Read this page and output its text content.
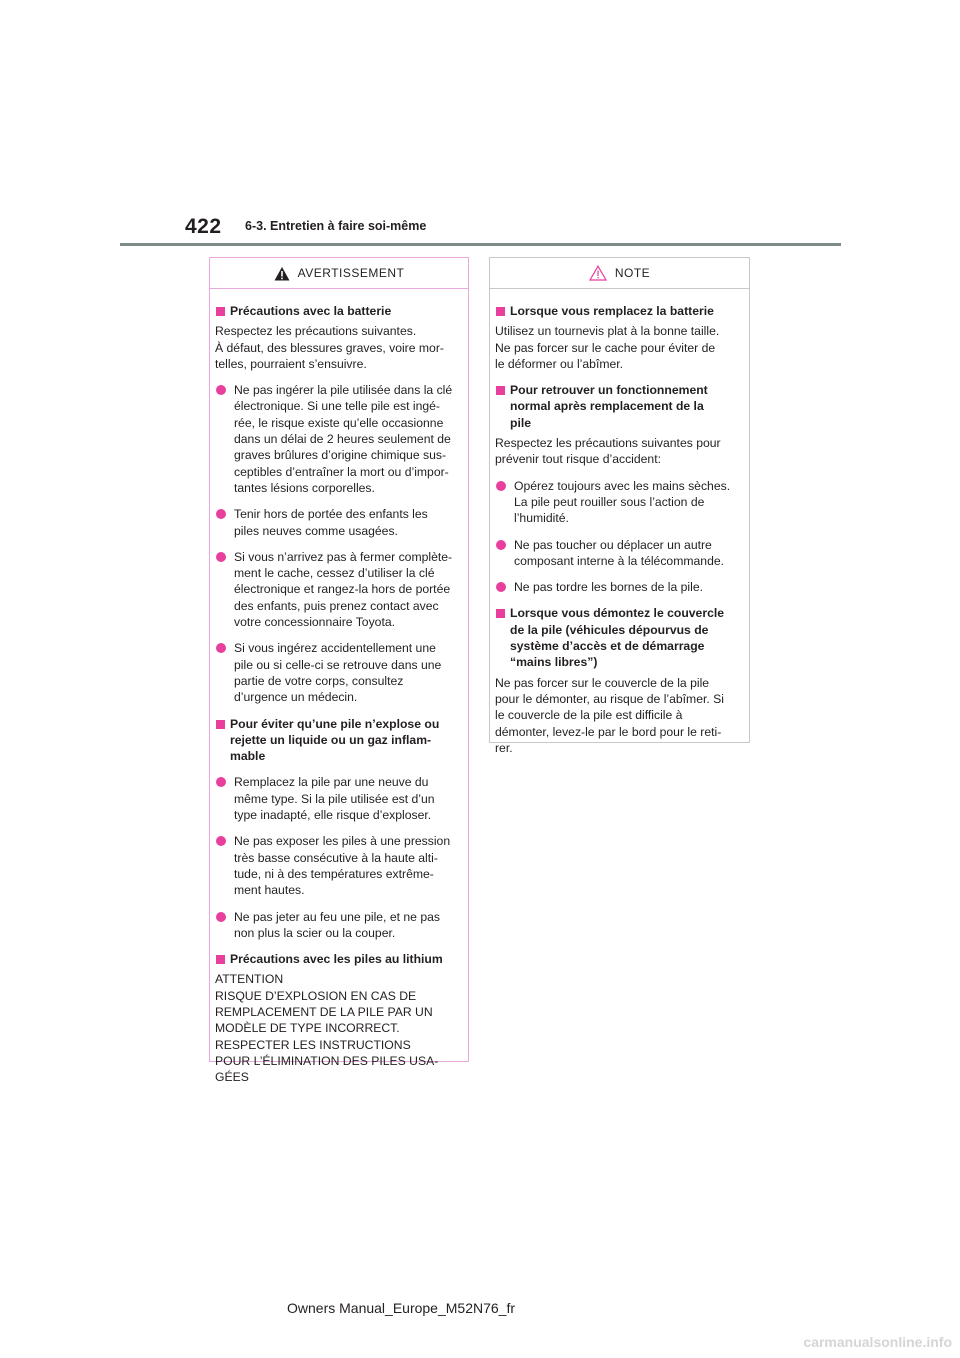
422 6-3. Entretien à faire soi-même
AVERTISSEMENT
Précautions avec la batterie
Respectez les précautions suivantes.
À défaut, des blessures graves, voire mor-
telles, pourraient s’ensuivre.
Ne pas ingérer la pile utilisée dans la clé
électronique. Si une telle pile est ingé-
rée, le risque existe qu’elle occasionne
dans un délai de 2 heures seulement de
graves brûlures d’origine chimique sus-
ceptibles d’entraîner la mort ou d’impor-
tantes lésions corporelles.
Tenir hors de portée des enfants les
piles neuves comme usagées.
Si vous n’arrivez pas à fermer complète-
ment le cache, cessez d’utiliser la clé
électronique et rangez-la hors de portée
des enfants, puis prenez contact avec
votre concessionnaire Toyota.
Si vous ingérez accidentellement une
pile ou si celle-ci se retrouve dans une
partie de votre corps, consultez
d’urgence un médecin.
Pour éviter qu’une pile n’explose ou
rejette un liquide ou un gaz inflam-
mable
Remplacez la pile par une neuve du
même type. Si la pile utilisée est d’un
type inadapté, elle risque d’exploser.
Ne pas exposer les piles à une pression
très basse consécutive à la haute alti-
tude, ni à des températures extrême-
ment hautes.
Ne pas jeter au feu une pile, et ne pas
non plus la scier ou la couper.
Précautions avec les piles au lithium
ATTENTION
RISQUE D’EXPLOSION EN CAS DE
REMPLACEMENT DE LA PILE PAR UN
MODÈLE DE TYPE INCORRECT.
RESPECTER LES INSTRUCTIONS
POUR L’ÉLIMINATION DES PILES USA-
GÉES
NOTE
Lorsque vous remplacez la batterie
Utilisez un tournevis plat à la bonne taille.
Ne pas forcer sur le cache pour éviter de
le déformer ou l’abîmer.
Pour retrouver un fonctionnement
normal après remplacement de la
pile
Respectez les précautions suivantes pour
prévenir tout risque d’accident:
Opérez toujours avec les mains sèches.
La pile peut rouiller sous l’action de
l’humidité.
Ne pas toucher ou déplacer un autre
composant interne à la télécommande.
Ne pas tordre les bornes de la pile.
Lorsque vous démontez le couvercle
de la pile (véhicules dépourvus de
système d’accès et de démarrage
“mains libres”)
Ne pas forcer sur le couvercle de la pile
pour le démonter, au risque de l’abîmer. Si
le couvercle de la pile est difficile à
démonter, levez-le par le bord pour le reti-
rer.
Owners Manual_Europe_M52N76_fr
carmanualsonline.info
